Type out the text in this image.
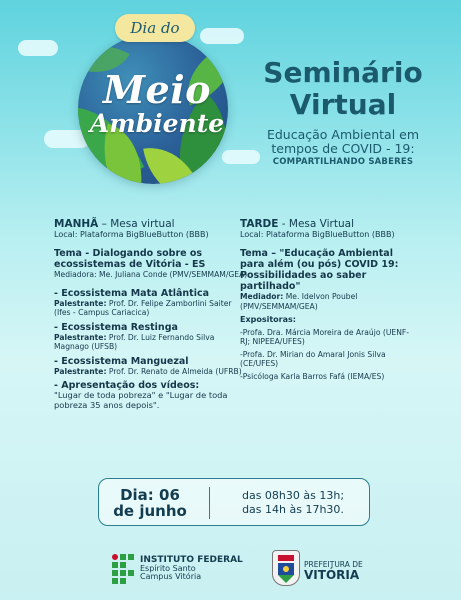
Dia do
Meio
Ambiente
Seminário
Virtual
Educação Ambiental em
tempos de COVID - 19:
COMPARTILHANDO SABERES
MANHÃ – Mesa virtual
Local: Plataforma BigBlueButton (BBB)
Tema - Dialogando sobre os ecossistemas de Vitória - ES
Mediadora: Me. Juliana Conde (PMV/SEMMAM/GEA)
- Ecossistema Mata Atlântica
Palestrante: Prof. Dr. Felipe Zamborlini Saiter (Ifes - Campus Cariacica)
- Ecossistema Restinga
Palestrante: Prof. Dr. Luiz Fernando Silva Magnago (UFSB)
- Ecossistema Manguezal
Palestrante: Prof. Dr. Renato de Almeida (UFRB)
- Apresentação dos vídeos:
"Lugar de toda pobreza" e "Lugar de toda pobreza 35 anos depois".
TARDE - Mesa Virtual
Local: Plataforma BigBlueButton (BBB)
Tema – "Educação Ambiental para além (ou pós) COVID 19: Possibilidades ao saber partilhado"
Mediador: Me. Idelvon Poubel (PMV/SEMMAM/GEA)
Expositoras:
-Profa. Dra. Márcia Moreira de Araújo (UENF-RJ; NIPEEA/UFES)
-Profa. Dr. Mirian do Amaral Jonis Silva (CE/UFES)
-Psicóloga Karla Barros Fafá (IEMA/ES)
Dia: 06
de junho
das 08h30 às 13h;
das 14h às 17h30.
INSTITUTO FEDERAL
Espírito Santo
Campus Vitória
PREFEITURA DE
VITÓRIA
